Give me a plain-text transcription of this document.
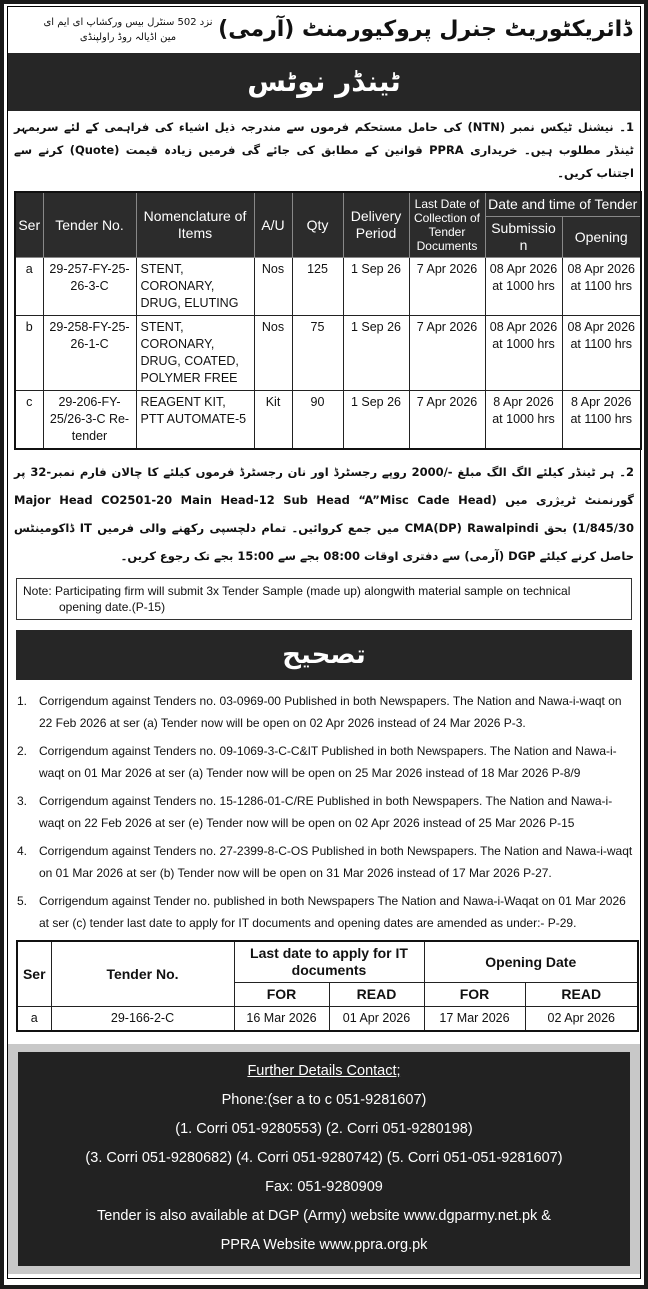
ڈائریکٹوریٹ جنرل پروکیورمنٹ (آرمی)
نزد 502 سنٹرل بیس ورکشاپ ای ایم ای
مین اڈیالہ روڈ راولپنڈی
ٹینڈر نوٹس
1۔ نیشنل ٹیکس نمبر (NTN) کی حامل مستحکم فرموں سے مندرجہ ذیل اشیاء کی فراہمی کے لئے سربمہر ٹینڈر مطلوب ہیں۔ خریداری PPRA قوانین کے مطابق کی جائے گی فرمیں زیادہ قیمت (Quote) کرنے سے اجتناب کریں۔
Ser	Tender No.	Nomenclature of Items	A/U	Qty	Delivery Period	Last Date of Collection of Tender Documents	Date and time of Tender	
							Submission	Opening
a	29-257-FY-25-26-3-C	STENT, CORONARY, DRUG, ELUTING	Nos	125	1 Sep 26	7 Apr 2026	08 Apr 2026 at 1000 hrs	08 Apr 2026 at 1100 hrs
b	29-258-FY-25-26-1-C	STENT, CORONARY, DRUG, COATED, POLYMER FREE	Nos	75	1 Sep 26	7 Apr 2026	08 Apr 2026 at 1000 hrs	08 Apr 2026 at 1100 hrs
c	29-206-FY-25/26-3-C Re-tender	REAGENT KIT, PTT AUTOMATE-5	Kit	90	1 Sep 26	7 Apr 2026	8 Apr 2026 at 1000 hrs	8 Apr 2026 at 1100 hrs
2۔ ہر ٹینڈر کیلئے الگ الگ مبلغ -/2000 روپے رجسٹرڈ اور نان رجسٹرڈ فرموں کیلئے کا چالان فارم نمبر-32 پر گورنمنٹ ٹریژری میں (Major Head CO2501-20 Main Head-12 Sub Head “A”Misc Cade Head 1/845/30) بحق CMA(DP) Rawalpindi میں جمع کروائیں۔ تمام دلچسپی رکھنے والی فرمیں IT ڈاکومینٹس حاصل کرنے کیلئے DGP (آرمی) سے دفتری اوقات 08:00 بجے سے 15:00 بجے تک رجوع کریں۔
Note: Participating firm will submit 3x Tender Sample (made up) alongwith material sample on technical
opening date.(P-15)
تصحیح
1. Corrigendum against Tenders no. 03-0969-00 Published in both Newspapers. The Nation and Nawa-i-waqt on 22 Feb 2026 at ser (a) Tender now will be open on 02 Apr 2026 instead of 24 Mar 2026 P-3.
2. Corrigendum against Tenders no. 09-1069-3-C-C&IT Published in both Newspapers. The Nation and Nawa-i-waqt on 01 Mar 2026 at ser (a) Tender now will be open on 25 Mar 2026 instead of 18 Mar 2026 P-8/9
3. Corrigendum against Tenders no. 15-1286-01-C/RE Published in both Newspapers. The Nation and Nawa-i-waqt on 22 Feb 2026 at ser (e) Tender now will be open on 02 Apr 2026 instead of 25 Mar 2026 P-15
4. Corrigendum against Tenders no. 27-2399-8-C-OS Published in both Newspapers. The Nation and Nawa-i-waqt on 01 Mar 2026 at ser (b) Tender now will be open on 31 Mar 2026 instead of 17 Mar 2026 P-27.
5. Corrigendum against Tender no. published in both Newspapers The Nation and Nawa-i-Waqat on 01 Mar 2026 at ser (c) tender last date to apply for IT documents and opening dates are amended as under:- P-29.
Ser	Tender No.	Last date to apply for IT documents		Opening Date	
		FOR	READ	FOR	READ
a	29-166-2-C	16 Mar 2026	01 Apr 2026	17 Mar 2026	02 Apr 2026
Further Details Contact;
Phone:(ser a to c 051-9281607)
(1. Corri 051-9280553) (2. Corri 051-9280198)
(3. Corri 051-9280682) (4. Corri 051-9280742) (5. Corri 051-051-9281607)
Fax: 051-9280909
Tender is also available at DGP (Army) website www.dgparmy.net.pk &
PPRA Website www.ppra.org.pk
